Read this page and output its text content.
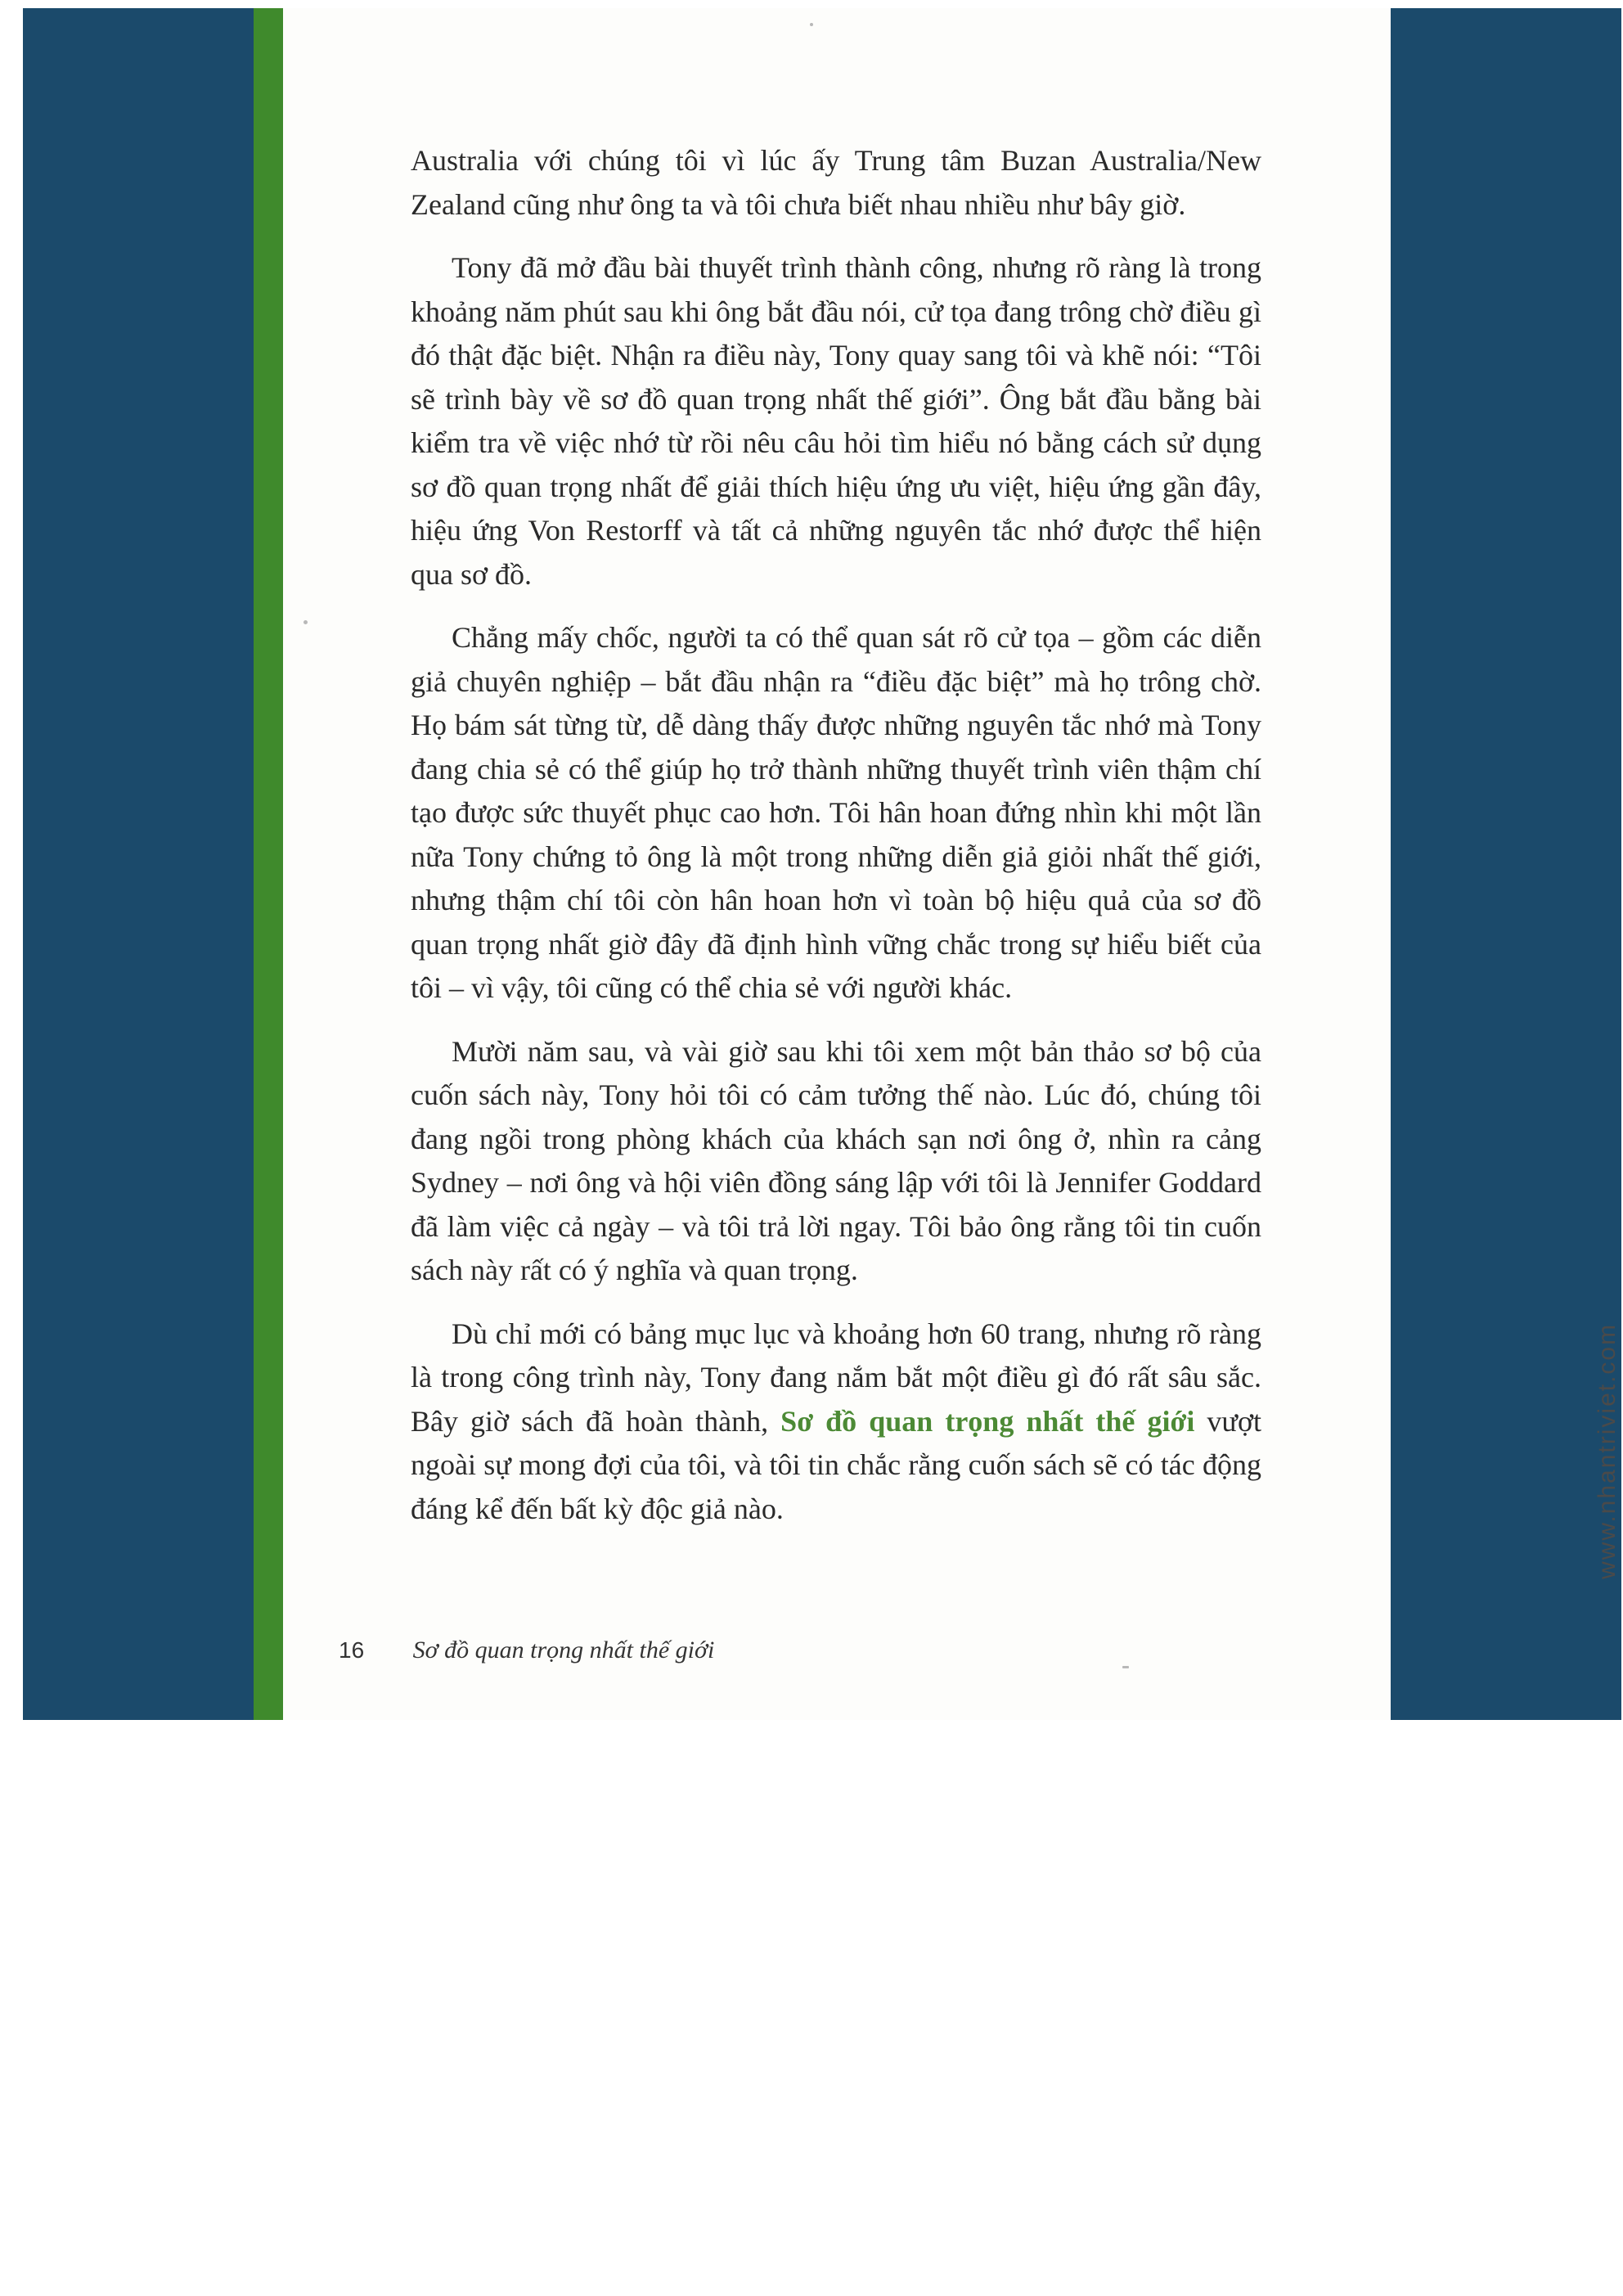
Australia với chúng tôi vì lúc ấy Trung tâm Buzan Australia/New Zealand cũng như ông ta và tôi chưa biết nhau nhiều như bây giờ.

Tony đã mở đầu bài thuyết trình thành công, nhưng rõ ràng là trong khoảng năm phút sau khi ông bắt đầu nói, cử tọa đang trông chờ điều gì đó thật đặc biệt. Nhận ra điều này, Tony quay sang tôi và khẽ nói: “Tôi sẽ trình bày về sơ đồ quan trọng nhất thế giới”. Ông bắt đầu bằng bài kiểm tra về việc nhớ từ rồi nêu câu hỏi tìm hiểu nó bằng cách sử dụng sơ đồ quan trọng nhất để giải thích hiệu ứng ưu việt, hiệu ứng gần đây, hiệu ứng Von Restorff và tất cả những nguyên tắc nhớ được thể hiện qua sơ đồ.

Chẳng mấy chốc, người ta có thể quan sát rõ cử tọa – gồm các diễn giả chuyên nghiệp – bắt đầu nhận ra “điều đặc biệt” mà họ trông chờ. Họ bám sát từng từ, dễ dàng thấy được những nguyên tắc nhớ mà Tony đang chia sẻ có thể giúp họ trở thành những thuyết trình viên thậm chí tạo được sức thuyết phục cao hơn. Tôi hân hoan đứng nhìn khi một lần nữa Tony chứng tỏ ông là một trong những diễn giả giỏi nhất thế giới, nhưng thậm chí tôi còn hân hoan hơn vì toàn bộ hiệu quả của sơ đồ quan trọng nhất giờ đây đã định hình vững chắc trong sự hiểu biết của tôi – vì vậy, tôi cũng có thể chia sẻ với người khác.

Mười năm sau, và vài giờ sau khi tôi xem một bản thảo sơ bộ của cuốn sách này, Tony hỏi tôi có cảm tưởng thế nào. Lúc đó, chúng tôi đang ngồi trong phòng khách của khách sạn nơi ông ở, nhìn ra cảng Sydney – nơi ông và hội viên đồng sáng lập với tôi là Jennifer Goddard đã làm việc cả ngày – và tôi trả lời ngay. Tôi bảo ông rằng tôi tin cuốn sách này rất có ý nghĩa và quan trọng.

Dù chỉ mới có bảng mục lục và khoảng hơn 60 trang, nhưng rõ ràng là trong công trình này, Tony đang nắm bắt một điều gì đó rất sâu sắc. Bây giờ sách đã hoàn thành, Sơ đồ quan trọng nhất thế giới vượt ngoài sự mong đợi của tôi, và tôi tin chắc rằng cuốn sách sẽ có tác động đáng kể đến bất kỳ độc giả nào.

16 Sơ đồ quan trọng nhất thế giới
www.nhantriviet.com
